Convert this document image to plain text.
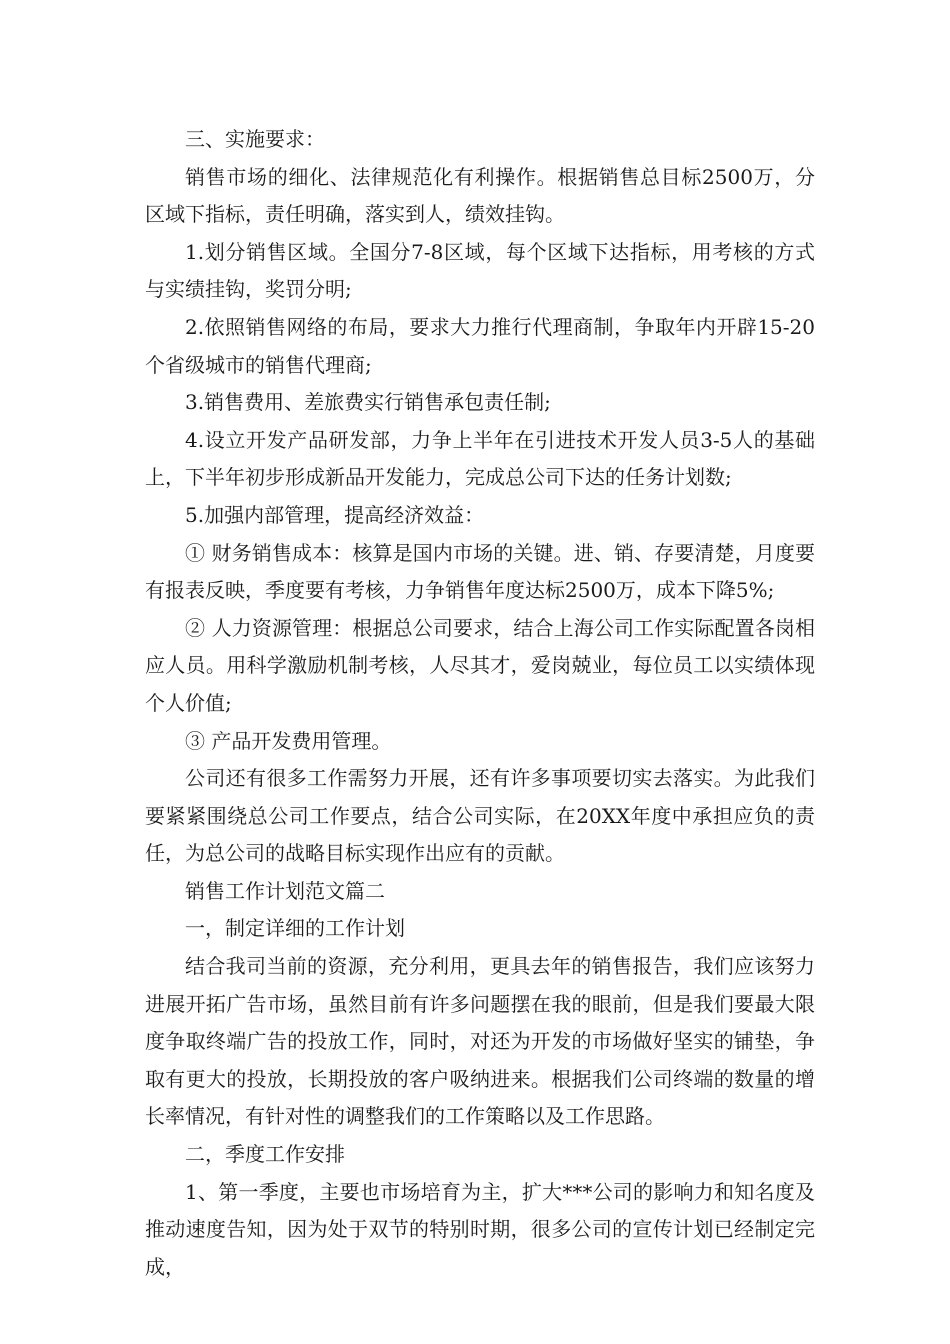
三、实施要求：

销售市场的细化、法律规范化有利操作。根据销售总目标2500万，分区域下指标，责任明确，落实到人，绩效挂钩。

1.划分销售区域。全国分7-8区域，每个区域下达指标，用考核的方式与实绩挂钩，奖罚分明;

2.依照销售网络的布局，要求大力推行代理商制，争取年内开辟15-20个省级城市的销售代理商;

3.销售费用、差旅费实行销售承包责任制;

4.设立开发产品研发部，力争上半年在引进技术开发人员3-5人的基础上，下半年初步形成新品开发能力，完成总公司下达的任务计划数;

5.加强内部管理，提高经济效益：

① 财务销售成本：核算是国内市场的关键。进、销、存要清楚，月度要有报表反映，季度要有考核，力争销售年度达标2500万，成本下降5%;

② 人力资源管理：根据总公司要求，结合上海公司工作实际配置各岗相应人员。用科学激励机制考核，人尽其才，爱岗兢业，每位员工以实绩体现个人价值;

③ 产品开发费用管理。

公司还有很多工作需努力开展，还有许多事项要切实去落实。为此我们要紧紧围绕总公司工作要点，结合公司实际，在20XX年度中承担应负的责任，为总公司的战略目标实现作出应有的贡献。

销售工作计划范文篇二

一，制定详细的工作计划

结合我司当前的资源，充分利用，更具去年的销售报告，我们应该努力进展开拓广告市场，虽然目前有许多问题摆在我的眼前，但是我们要最大限度争取终端广告的投放工作，同时，对还为开发的市场做好坚实的铺垫，争取有更大的投放，长期投放的客户吸纳进来。根据我们公司终端的数量的增长率情况，有针对性的调整我们的工作策略以及工作思路。

二，季度工作安排

1、第一季度，主要也市场培育为主，扩大***公司的影响力和知名度及推动速度告知，因为处于双节的特别时期，很多公司的宣传计划已经制定完成，
